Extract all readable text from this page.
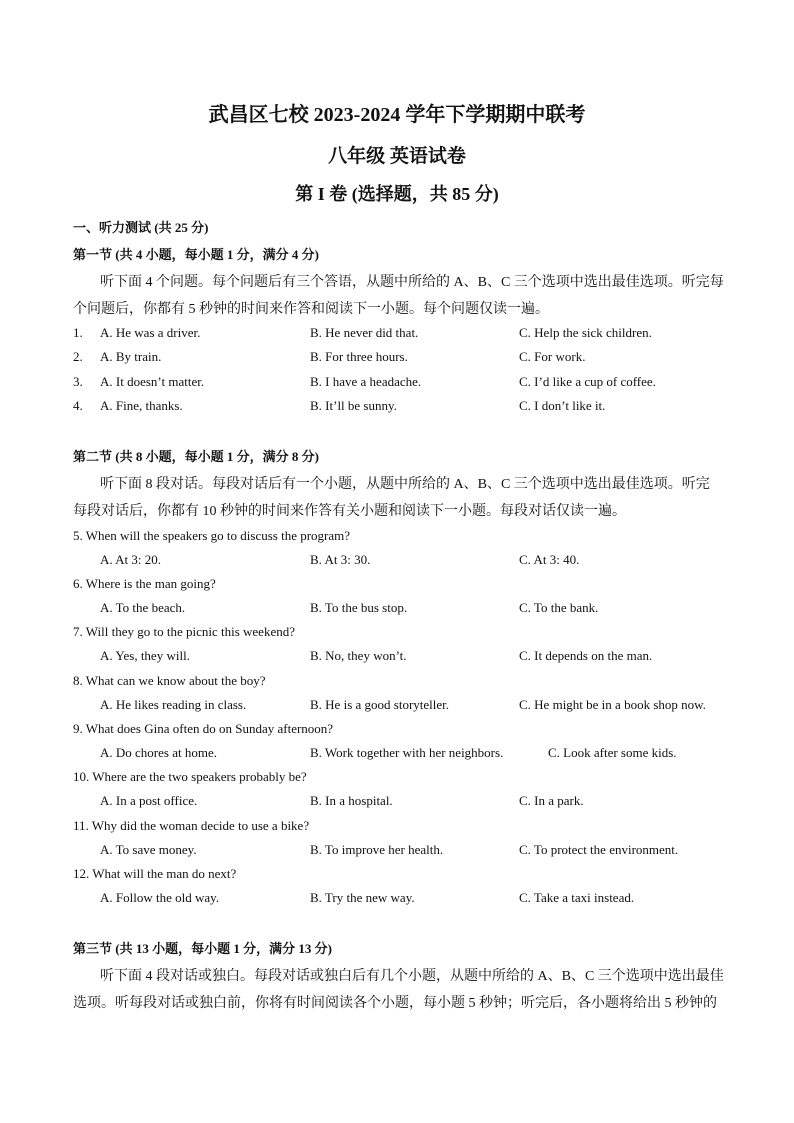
武昌区七校 2023-2024 学年下学期期中联考
八年级 英语试卷
第 I 卷 (选择题，共 85 分)
一、听力测试 (共 25 分)
第一节 (共 4 小题，每小题 1 分，满分 4 分)
听下面 4 个问题。每个问题后有三个答语，从题中所给的 A、B、C 三个选项中选出最佳选项。听完每
个问题后，你都有 5 秒钟的时间来作答和阅读下一小题。每个问题仅读一遍。
1. A. He was a driver.	B. He never did that.	C. Help the sick children.
2. A. By train.	B. For three hours.	C. For work.
3. A. It doesn’t matter.	B. I have a headache.	C. I’d like a cup of coffee.
4. A. Fine, thanks.	B. It’ll be sunny.	C. I don’t like it.
第二节 (共 8 小题，每小题 1 分，满分 8 分)
听下面 8 段对话。每段对话后有一个小题，从题中所给的 A、B、C 三个选项中选出最佳选项。听完
每段对话后，你都有 10 秒钟的时间来作答有关小题和阅读下一小题。每段对话仅读一遍。
5. When will the speakers go to discuss the program?
A. At 3: 20.	B. At 3: 30.	C. At 3: 40.
6. Where is the man going?
A. To the beach.	B. To the bus stop.	C. To the bank.
7. Will they go to the picnic this weekend?
A. Yes, they will.	B. No, they won’t.	C. It depends on the man.
8. What can we know about the boy?
A. He likes reading in class.	B. He is a good storyteller.	C. He might be in a book shop now.
9. What does Gina often do on Sunday afternoon?
A. Do chores at home.	B. Work together with her neighbors.	C. Look after some kids.
10. Where are the two speakers probably be?
A. In a post office.	B. In a hospital.	C. In a park.
11. Why did the woman decide to use a bike?
A. To save money.	B. To improve her health.	C. To protect the environment.
12. What will the man do next?
A. Follow the old way.	B. Try the new way.	C. Take a taxi instead.
第三节 (共 13 小题，每小题 1 分，满分 13 分)
听下面 4 段对话或独白。每段对话或独白后有几个小题，从题中所给的 A、B、C 三个选项中选出最佳
选项。听每段对话或独白前，你将有时间阅读各个小题，每小题 5 秒钟；听完后，各小题将给出 5 秒钟的
